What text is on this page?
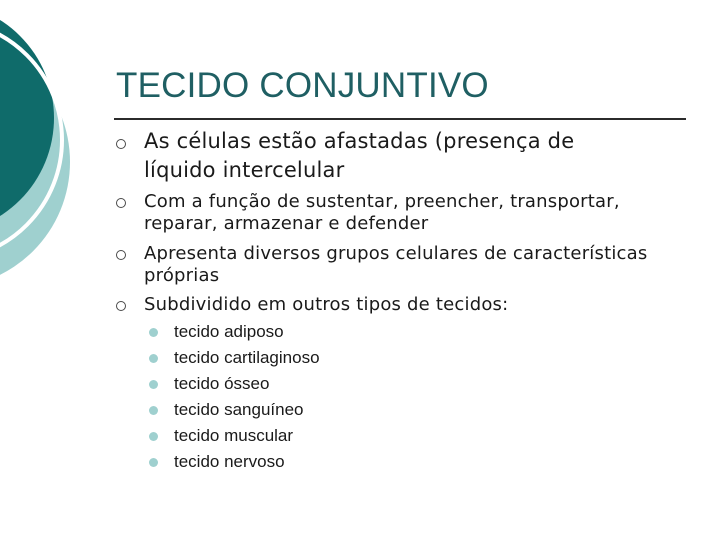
TECIDO CONJUNTIVO
As células estão afastadas (presença de
líquido intercelular
Com a função de sustentar, preencher, transportar,
reparar, armazenar e defender
Apresenta diversos grupos celulares de características
próprias
Subdividido em outros tipos de tecidos:
tecido adiposo
tecido cartilaginoso
tecido ósseo
tecido sanguíneo
tecido muscular
tecido nervoso
